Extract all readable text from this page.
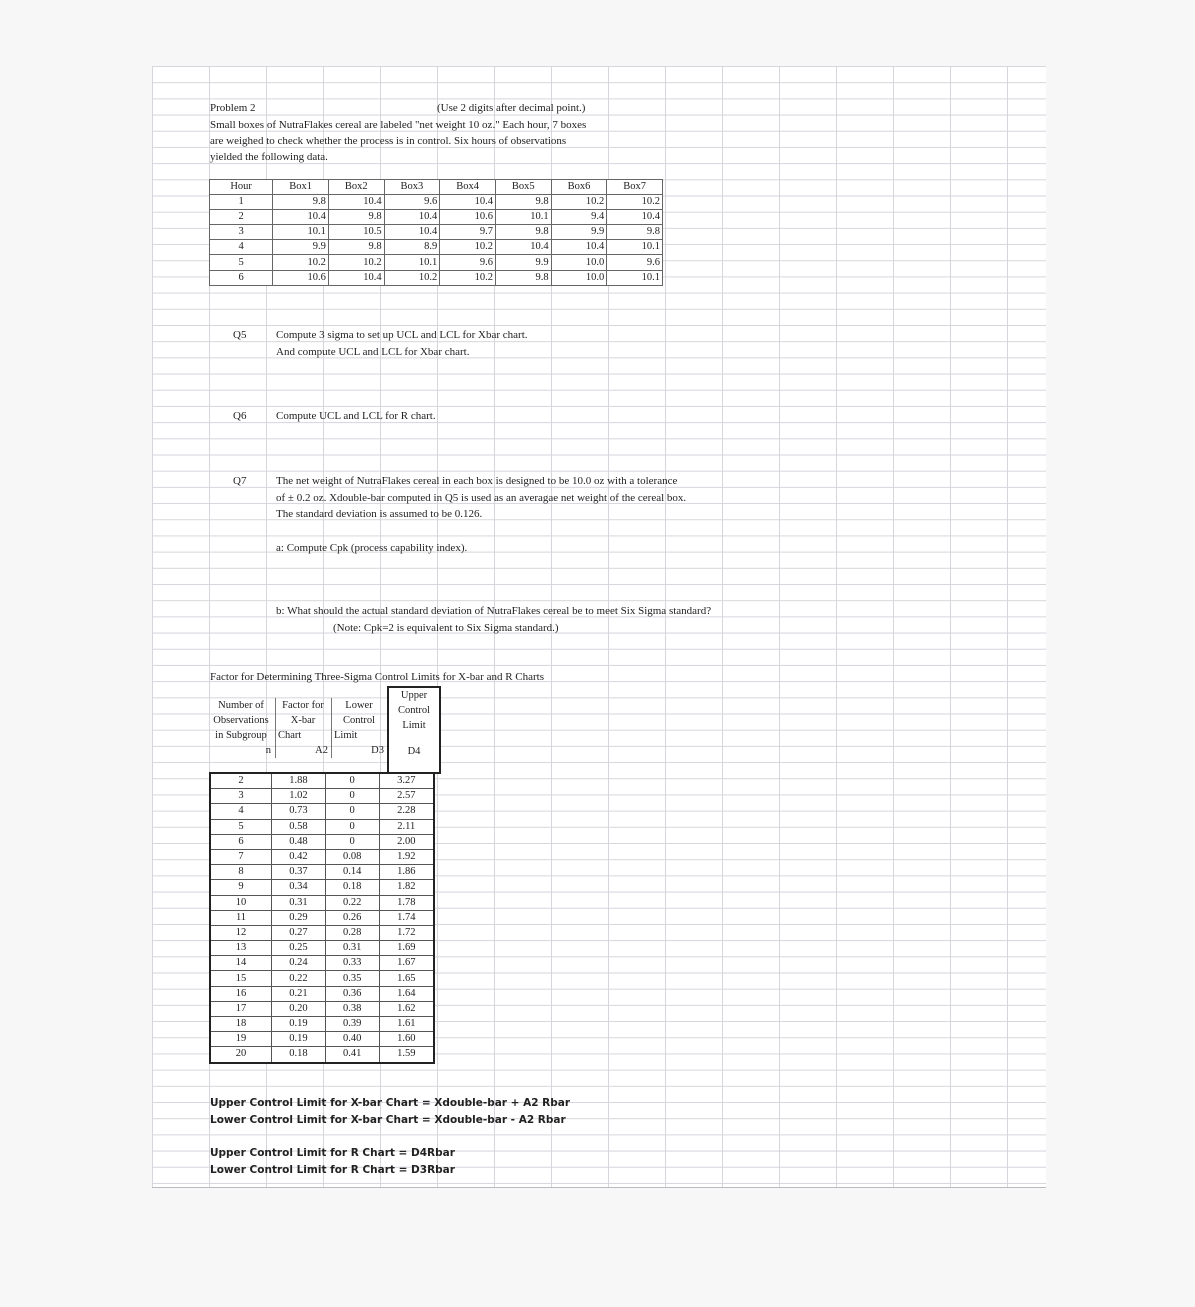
Problem 2	(Use 2 digits after decimal point.)
Small boxes of NutraFlakes cereal are labeled "net weight 10 oz." Each hour, 7 boxes
are weighed to check whether the process is in control. Six hours of observations
yielded the following data.
Hour	Box1	Box2	Box3	Box4	Box5	Box6	Box7
1	9.8	10.4	9.6	10.4	9.8	10.2	10.2
2	10.4	9.8	10.4	10.6	10.1	9.4	10.4
3	10.1	10.5	10.4	9.7	9.8	9.9	9.8
4	9.9	9.8	8.9	10.2	10.4	10.4	10.1
5	10.2	10.2	10.1	9.6	9.9	10.0	9.6
6	10.6	10.4	10.2	10.2	9.8	10.0	10.1
Q5	Compute 3 sigma to set up UCL and LCL for Xbar chart.
And compute UCL and LCL for Xbar chart.
Q6	Compute UCL and LCL for R chart.
Q7	The net weight of NutraFlakes cereal in each box is designed to be 10.0 oz with a tolerance
of ± 0.2 oz. Xdouble-bar computed in Q5 is used as an averagae net weight of the cereal box.
The standard deviation is assumed to be 0.126.
a: Compute Cpk (process capability index).
b: What should the actual standard deviation of NutraFlakes cereal be to meet Six Sigma standard?
(Note: Cpk=2 is equivalent to Six Sigma standard.)
Factor for Determining Three-Sigma Control Limits for X-bar and R Charts
Number of
Observations
in Subgroup
n
Factor for
X-bar
Chart
A2
Lower
Control
Limit
D3
Upper
Control
Limit
D4
2	1.88	0	3.27
3	1.02	0	2.57
4	0.73	0	2.28
5	0.58	0	2.11
6	0.48	0	2.00
7	0.42	0.08	1.92
8	0.37	0.14	1.86
9	0.34	0.18	1.82
10	0.31	0.22	1.78
11	0.29	0.26	1.74
12	0.27	0.28	1.72
13	0.25	0.31	1.69
14	0.24	0.33	1.67
15	0.22	0.35	1.65
16	0.21	0.36	1.64
17	0.20	0.38	1.62
18	0.19	0.39	1.61
19	0.19	0.40	1.60
20	0.18	0.41	1.59
Upper Control Limit for X-bar Chart = Xdouble-bar + A2 Rbar
Lower Control Limit for X-bar Chart = Xdouble-bar - A2 Rbar
Upper Control Limit for R Chart = D4Rbar
Lower Control Limit for R Chart = D3Rbar
